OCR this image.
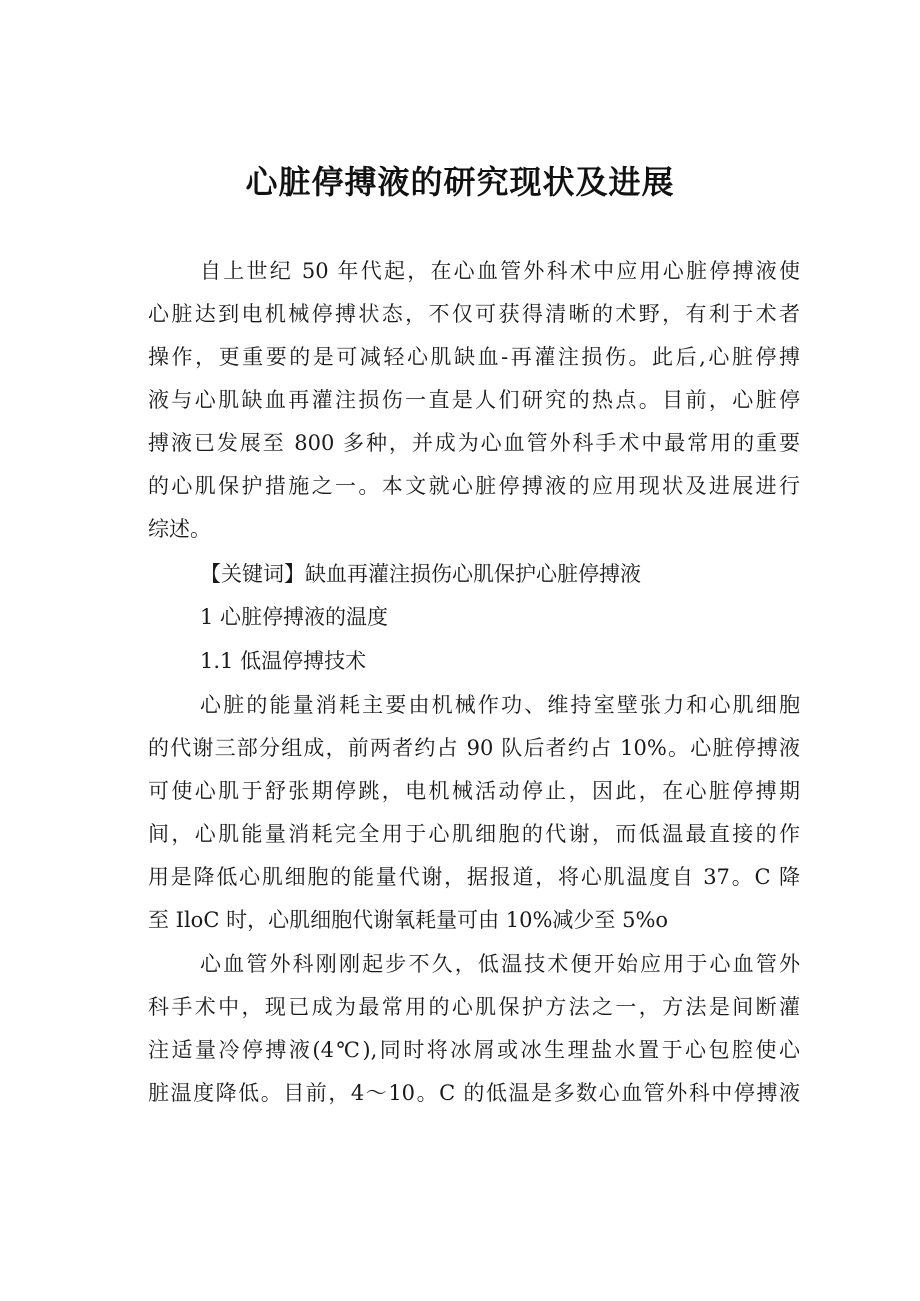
心脏停搏液的研究现状及进展
自上世纪 50 年代起，在心血管外科术中应用心脏停搏液使
心脏达到电机械停搏状态，不仅可获得清晰的术野，有利于术者
操作，更重要的是可减轻心肌缺血-再灌注损伤。此后,心脏停搏
液与心肌缺血再灌注损伤一直是人们研究的热点。目前，心脏停
搏液已发展至 800 多种，并成为心血管外科手术中最常用的重要
的心肌保护措施之一。本文就心脏停搏液的应用现状及进展进行
综述。
【关键词】缺血再灌注损伤心肌保护心脏停搏液
1 心脏停搏液的温度
1.1 低温停搏技术
心脏的能量消耗主要由机械作功、维持室壁张力和心肌细胞
的代谢三部分组成，前两者约占 90 队后者约占 10%。心脏停搏液
可使心肌于舒张期停跳，电机械活动停止，因此，在心脏停搏期
间，心肌能量消耗完全用于心肌细胞的代谢，而低温最直接的作
用是降低心肌细胞的能量代谢，据报道，将心肌温度自 37。C 降
至 IloC 时，心肌细胞代谢氧耗量可由 10%减少至 5%o
心血管外科刚刚起步不久，低温技术便开始应用于心血管外
科手术中，现已成为最常用的心肌保护方法之一，方法是间断灌
注适量冷停搏液(4℃),同时将冰屑或冰生理盐水置于心包腔使心
脏温度降低。目前，4～10。C 的低温是多数心血管外科中停搏液
